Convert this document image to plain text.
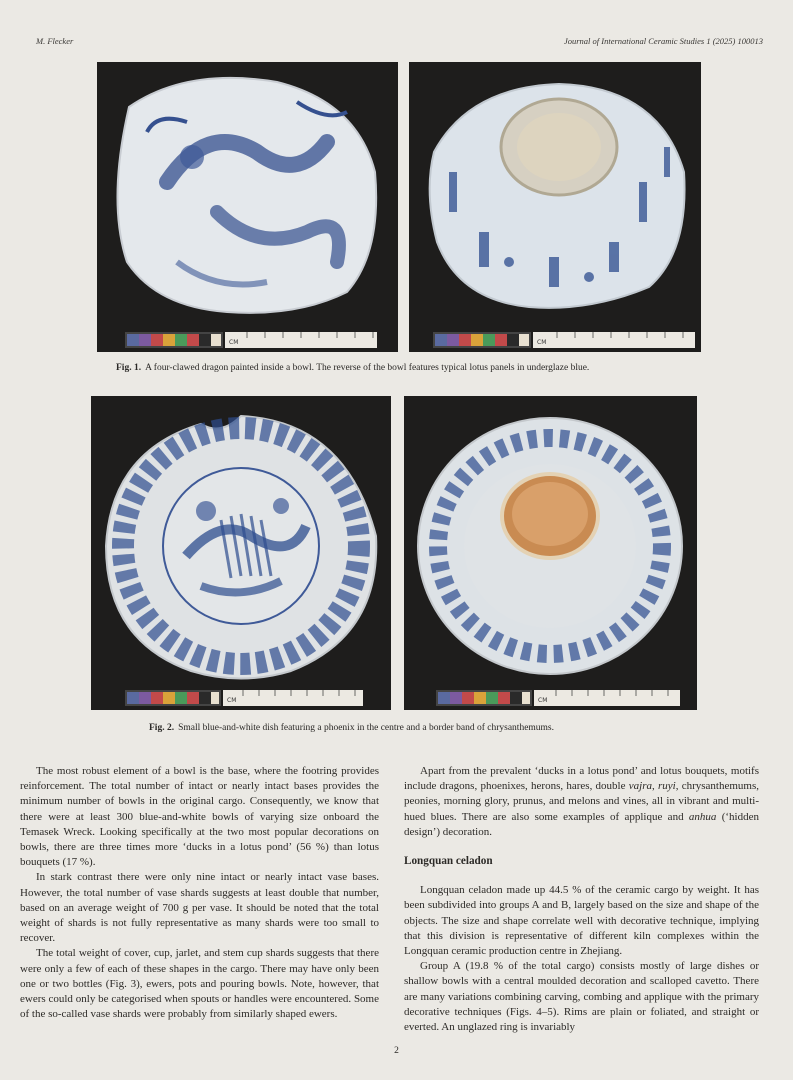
M. Flecker	Journal of International Ceramic Studies 1 (2025) 100013
CM	CM
Fig. 1. A four-clawed dragon painted inside a bowl. The reverse of the bowl features typical lotus panels in underglaze blue.
CM	CM
Fig. 2. Small blue-and-white dish featuring a phoenix in the centre and a border band of chrysanthemums.

The most robust element of a bowl is the base, where the footring provides reinforcement. The total number of intact or nearly intact bases provides the minimum number of bowls in the original cargo. Consequently, we know that there were at least 300 blue-and-white bowls of varying size onboard the Temasek Wreck. Looking specifically at the two most popular decorations on bowls, there are three times more ‘ducks in a lotus pond’ (56 %) than lotus bouquets (17 %).

In stark contrast there were only nine intact or nearly intact vase bases. However, the total number of vase shards suggests at least double that number, based on an average weight of 700 g per vase. It should be noted that the total weight of shards is not fully representative as many shards were too small to recover.

The total weight of cover, cup, jarlet, and stem cup shards suggests that there were only a few of each of these shapes in the cargo. There may have only been one or two bottles (Fig. 3), ewers, pots and pouring bowls. Note, however, that ewers could only be categorised when spouts or handles were encountered. Some of the so-called vase shards were probably from similarly shaped ewers.

Apart from the prevalent ‘ducks in a lotus pond’ and lotus bouquets, motifs include dragons, phoenixes, herons, hares, double vajra, ruyi, chrysanthemums, peonies, morning glory, prunus, and melons and vines, all in vibrant and multi-hued blues. There are also some examples of applique and anhua (‘hidden design’) decoration.

Longquan celadon

Longquan celadon made up 44.5 % of the ceramic cargo by weight. It has been subdivided into groups A and B, largely based on the size and shape of the objects. The size and shape correlate well with decorative technique, implying that this division is representative of different kiln complexes within the Longquan ceramic production centre in Zhejiang.

Group A (19.8 % of the total cargo) consists mostly of large dishes or shallow bowls with a central moulded decoration and scalloped cavetto. There are many variations combining carving, combing and applique with the primary decorative techniques (Figs. 4–5). Rims are plain or foliated, and straight or everted. An unglazed ring is invariably

2
